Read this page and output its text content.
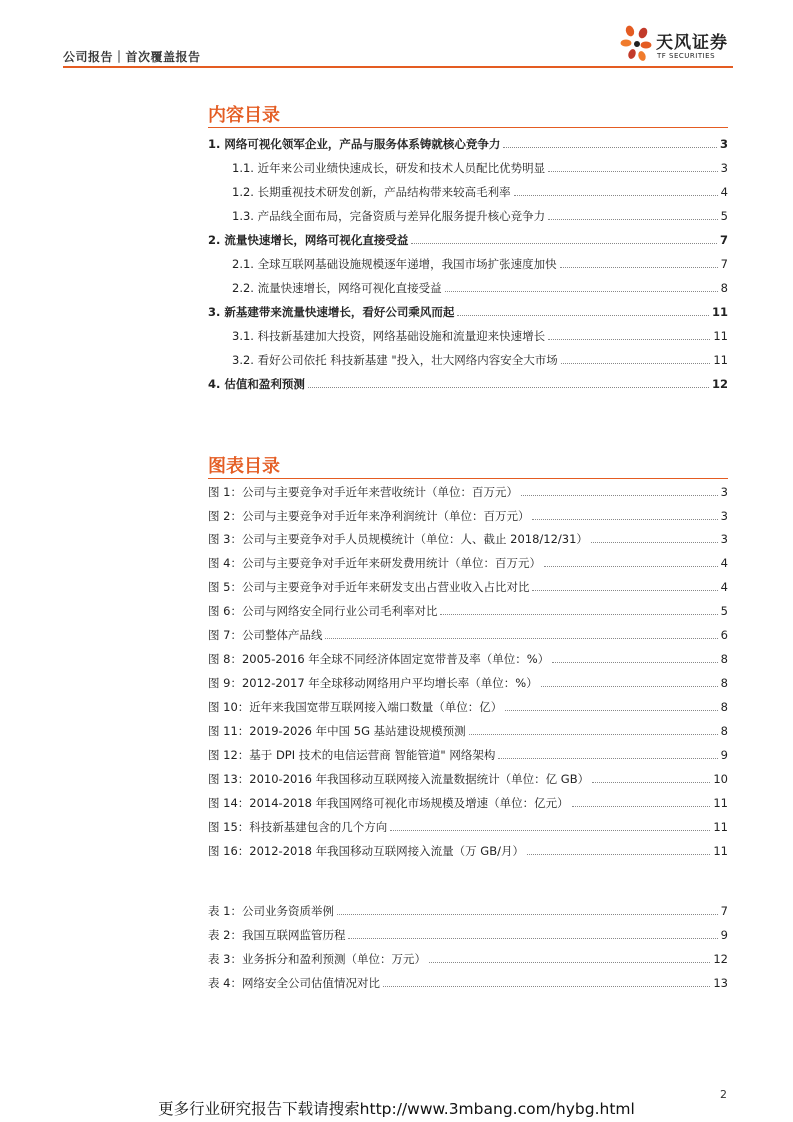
公司报告｜首次覆盖报告
天风证券
TF SECURITIES
内容目录
1. 网络可视化领军企业，产品与服务体系铸就核心竞争力	3
1.1. 近年来公司业绩快速成长，研发和技术人员配比优势明显	3
1.2. 长期重视技术研发创新，产品结构带来较高毛利率	4
1.3. 产品线全面布局，完备资质与差异化服务提升核心竞争力	5
2. 流量快速增长，网络可视化直接受益	7
2.1. 全球互联网基础设施规模逐年递增，我国市场扩张速度加快	7
2.2. 流量快速增长，网络可视化直接受益	8
3. 新基建带来流量快速增长，看好公司乘风而起	11
3.1. 科技新基建加大投资，网络基础设施和流量迎来快速增长	11
3.2. 看好公司依托 科技新基建 "投入，壮大网络内容安全大市场	11
4. 估值和盈利预测	12
图表目录
图 1：公司与主要竞争对手近年来营收统计（单位：百万元）	3
图 2：公司与主要竞争对手近年来净利润统计（单位：百万元）	3
图 3：公司与主要竞争对手人员规模统计（单位：人、截止 2018/12/31）	3
图 4：公司与主要竞争对手近年来研发费用统计（单位：百万元）	4
图 5：公司与主要竞争对手近年来研发支出占营业收入占比对比	4
图 6：公司与网络安全同行业公司毛利率对比	5
图 7：公司整体产品线	6
图 8：2005-2016 年全球不同经济体固定宽带普及率（单位：%）	8
图 9：2012-2017 年全球移动网络用户平均增长率（单位：%）	8
图 10：近年来我国宽带互联网接入端口数量（单位：亿）	8
图 11：2019-2026 年中国 5G 基站建设规模预测	8
图 12：基于 DPI 技术的电信运营商 智能管道" 网络架构	9
图 13：2010-2016 年我国移动互联网接入流量数据统计（单位：亿 GB）	10
图 14：2014-2018 年我国网络可视化市场规模及增速（单位：亿元）	11
图 15：科技新基建包含的几个方向	11
图 16：2012-2018 年我国移动互联网接入流量（万 GB/月）	11
表 1：公司业务资质举例	7
表 2：我国互联网监管历程	9
表 3：业务拆分和盈利预测（单位：万元）	12
表 4：网络安全公司估值情况对比	13
2
更多行业研究报告下载请搜索http://www.3mbang.com/hybg.html
